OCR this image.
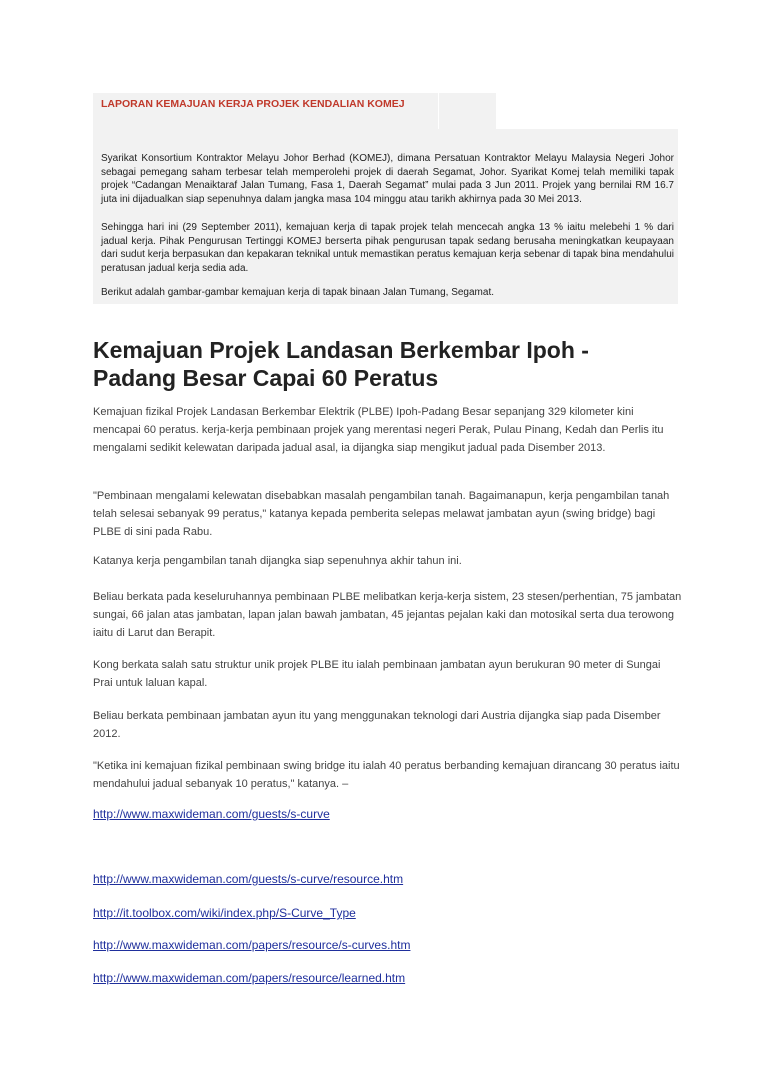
LAPORAN KEMAJUAN KERJA PROJEK KENDALIAN KOMEJ

Syarikat Konsortium Kontraktor Melayu Johor Berhad (KOMEJ), dimana Persatuan Kontraktor Melayu Malaysia Negeri Johor sebagai pemegang saham terbesar telah memperolehi projek di daerah Segamat, Johor. Syarikat Komej telah memiliki tapak projek “Cadangan Menaiktaraf Jalan Tumang, Fasa 1, Daerah Segamat” mulai pada 3 Jun 2011. Projek yang bernilai RM 16.7 juta ini dijadualkan siap sepenuhnya dalam jangka masa 104 minggu atau tarikh akhirnya pada 30 Mei 2013.

Sehingga hari ini (29 September 2011), kemajuan kerja di tapak projek telah mencecah angka 13 % iaitu melebehi 1 % dari jadual kerja. Pihak Pengurusan Tertinggi KOMEJ berserta pihak pengurusan tapak sedang berusaha meningkatkan keupayaan dari sudut kerja berpasukan dan kepakaran teknikal untuk memastikan peratus kemajuan kerja sebenar di tapak bina mendahului peratusan jadual kerja sedia ada.

Berikut adalah gambar-gambar kemajuan kerja di tapak binaan Jalan Tumang, Segamat.

Kemajuan Projek Landasan Berkembar Ipoh - Padang Besar Capai 60 Peratus

Kemajuan fizikal Projek Landasan Berkembar Elektrik (PLBE) Ipoh-Padang Besar sepanjang 329 kilometer kini mencapai 60 peratus. kerja-kerja pembinaan projek yang merentasi negeri Perak, Pulau Pinang, Kedah dan Perlis itu mengalami sedikit kelewatan daripada jadual asal, ia dijangka siap mengikut jadual pada Disember 2013.

"Pembinaan mengalami kelewatan disebabkan masalah pengambilan tanah. Bagaimanapun, kerja pengambilan tanah telah selesai sebanyak 99 peratus," katanya kepada pemberita selepas melawat jambatan ayun (swing bridge) bagi PLBE di sini pada Rabu.

Katanya kerja pengambilan tanah dijangka siap sepenuhnya akhir tahun ini.

Beliau berkata pada keseluruhannya pembinaan PLBE melibatkan kerja-kerja sistem, 23 stesen/perhentian, 75 jambatan sungai, 66 jalan atas jambatan, lapan jalan bawah jambatan, 45 jejantas pejalan kaki dan motosikal serta dua terowong iaitu di Larut dan Berapit.

Kong berkata salah satu struktur unik projek PLBE itu ialah pembinaan jambatan ayun berukuran 90 meter di Sungai Prai untuk laluan kapal.

Beliau berkata pembinaan jambatan ayun itu yang menggunakan teknologi dari Austria dijangka siap pada Disember 2012.

"Ketika ini kemajuan fizikal pembinaan swing bridge itu ialah 40 peratus berbanding kemajuan dirancang 30 peratus iaitu mendahului jadual sebanyak 10 peratus," katanya. –

http://www.maxwideman.com/guests/s-curve
http://www.maxwideman.com/guests/s-curve/resource.htm
http://it.toolbox.com/wiki/index.php/S-Curve_Type
http://www.maxwideman.com/papers/resource/s-curves.htm
http://www.maxwideman.com/papers/resource/learned.htm
